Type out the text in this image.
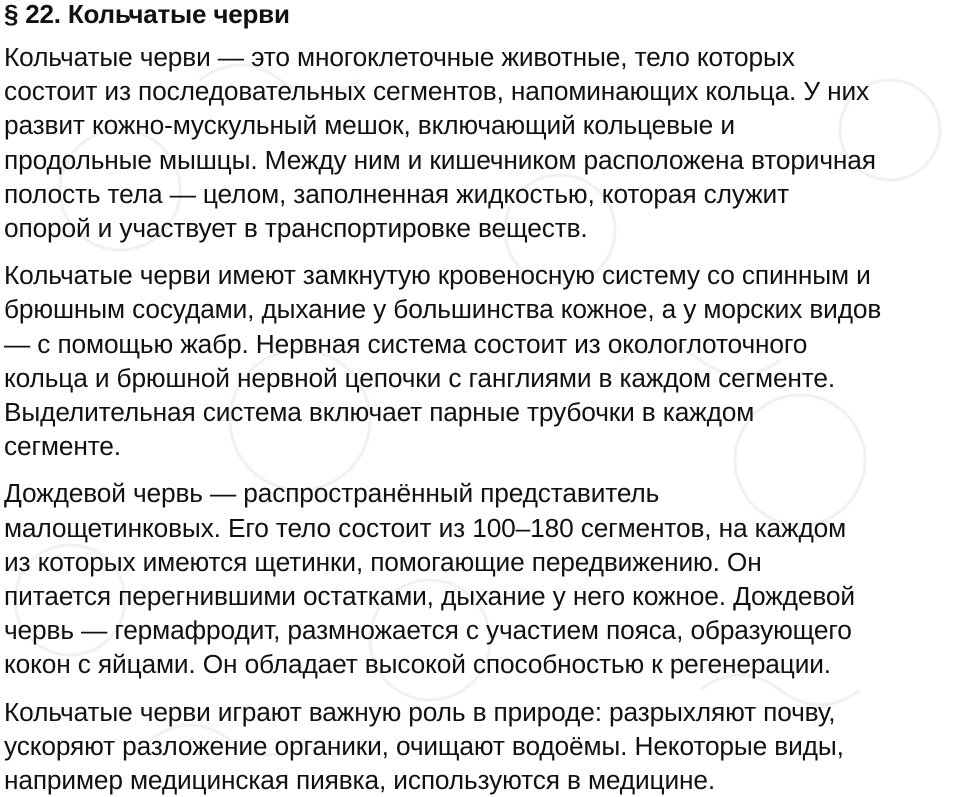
§ 22. Кольчатые черви

Кольчатые черви — это многоклеточные животные, тело которых
состоит из последовательных сегментов, напоминающих кольца. У них
развит кожно-мускульный мешок, включающий кольцевые и
продольные мышцы. Между ним и кишечником расположена вторичная
полость тела — целом, заполненная жидкостью, которая служит
опорой и участвует в транспортировке веществ.

Кольчатые черви имеют замкнутую кровеносную систему со спинным и
брюшным сосудами, дыхание у большинства кожное, а у морских видов
— с помощью жабр. Нервная система состоит из окологлоточного
кольца и брюшной нервной цепочки с ганглиями в каждом сегменте.
Выделительная система включает парные трубочки в каждом
сегменте.

Дождевой червь — распространённый представитель
малощетинковых. Его тело состоит из 100–180 сегментов, на каждом
из которых имеются щетинки, помогающие передвижению. Он
питается перегнившими остатками, дыхание у него кожное. Дождевой
червь — гермафродит, размножается с участием пояса, образующего
кокон с яйцами. Он обладает высокой способностью к регенерации.

Кольчатые черви играют важную роль в природе: разрыхляют почву,
ускоряют разложение органики, очищают водоёмы. Некоторые виды,
например медицинская пиявка, используются в медицине.
